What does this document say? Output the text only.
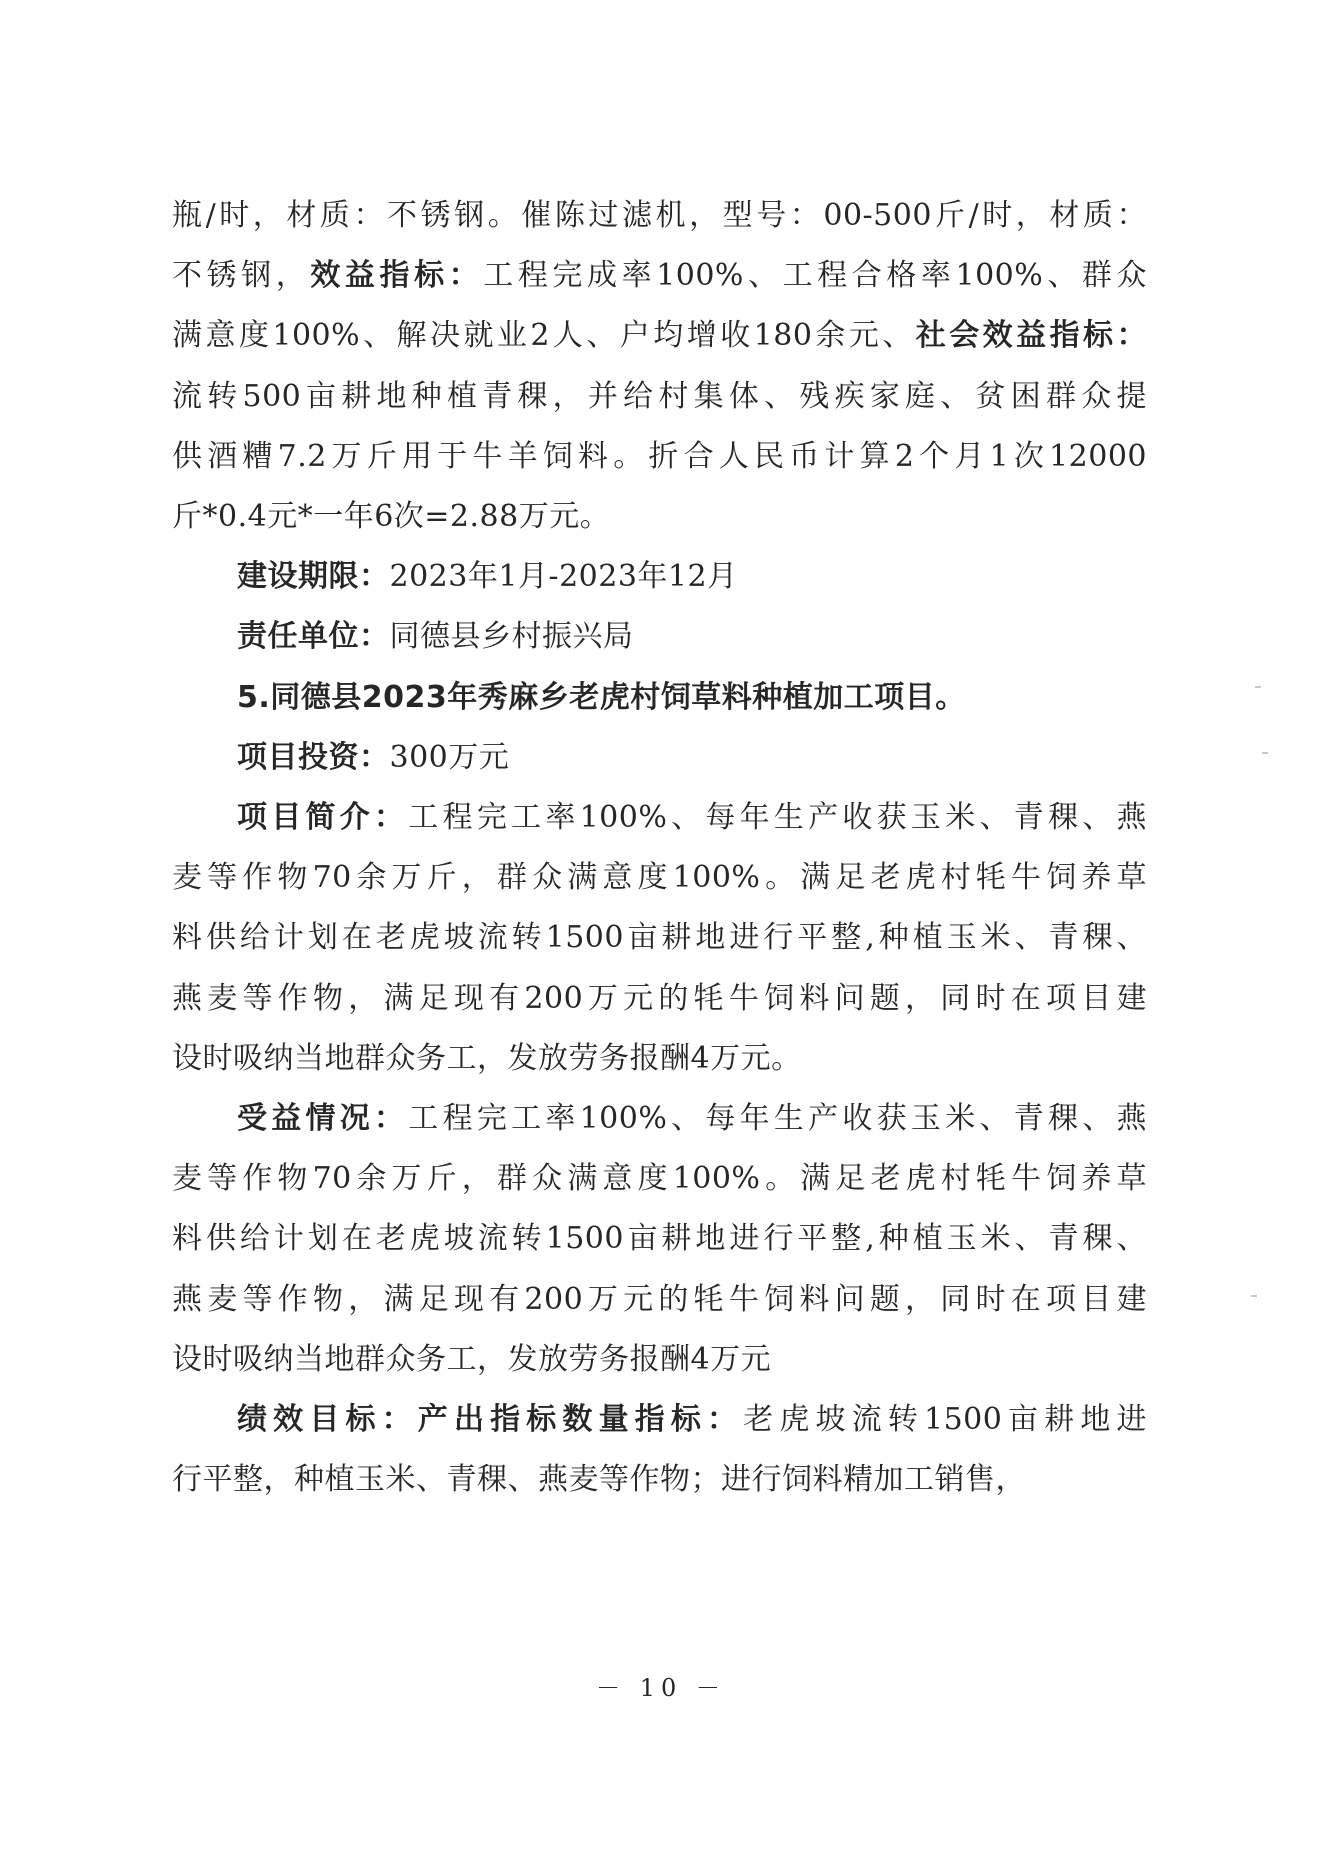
瓶/时，材质：不锈钢。催陈过滤机，型号：00-500斤/时，材质：
不锈钢，效益指标：工程完成率100%、工程合格率100%、群众
满意度100%、解决就业2人、户均增收180余元、社会效益指标：
流转500亩耕地种植青稞，并给村集体、残疾家庭、贫困群众提
供酒糟7.2万斤用于牛羊饲料。折合人民币计算2个月1次12000
斤*0.4元*一年6次=2.88万元。
建设期限：2023年1月-2023年12月
责任单位：同德县乡村振兴局
5.同德县2023年秀麻乡老虎村饲草料种植加工项目。
项目投资：300万元
项目简介：工程完工率100%、每年生产收获玉米、青稞、燕
麦等作物70余万斤，群众满意度100%。满足老虎村牦牛饲养草
料供给计划在老虎坡流转1500亩耕地进行平整,种植玉米、青稞、
燕麦等作物，满足现有200万元的牦牛饲料问题，同时在项目建
设时吸纳当地群众务工，发放劳务报酬4万元。
受益情况：工程完工率100%、每年生产收获玉米、青稞、燕
麦等作物70余万斤，群众满意度100%。满足老虎村牦牛饲养草
料供给计划在老虎坡流转1500亩耕地进行平整,种植玉米、青稞、
燕麦等作物，满足现有200万元的牦牛饲料问题，同时在项目建
设时吸纳当地群众务工，发放劳务报酬4万元
绩效目标：产出指标数量指标：老虎坡流转1500亩耕地进
行平整，种植玉米、青稞、燕麦等作物；进行饲料精加工销售，
－ 10 －
